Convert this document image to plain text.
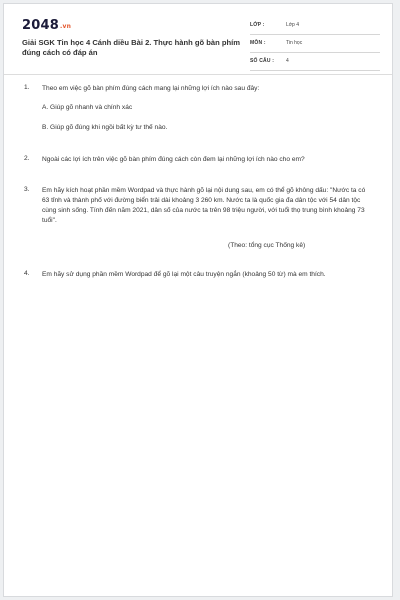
2048.vn
Giải SGK Tin học 4 Cánh diều Bài 2. Thực hành gõ bàn phím đúng cách có đáp án
LỚP :	Lớp 4
MÔN :	Tin học
SỐ CÂU : 4
1. Theo em việc gõ bàn phím đúng cách mang lại những lợi ích nào sau đây:
A. Giúp gõ nhanh và chính xác
B. Giúp gõ đúng khi ngồi bất kỳ tư thế nào.
2. Ngoài các lợi ích trên việc gõ bàn phím đúng cách còn đem lại những lợi ích nào cho em?
3. Em hãy kích hoạt phần mềm Wordpad và thực hành gõ lại nội dung sau, em có thể gõ không dấu: "Nước ta có 63 tỉnh và thành phố với đường biển trải dài khoảng 3 260 km. Nước ta là quốc gia đa dân tộc với 54 dân tộc cùng sinh sống. Tính đến năm 2021, dân số của nước ta trên 98 triệu người, với tuổi thọ trung bình khoảng 73 tuổi".
(Theo: tổng cục Thống kê)
4. Em hãy sử dụng phần mềm Wordpad để gõ lại một câu truyện ngắn (khoảng 50 từ) mà em thích.
